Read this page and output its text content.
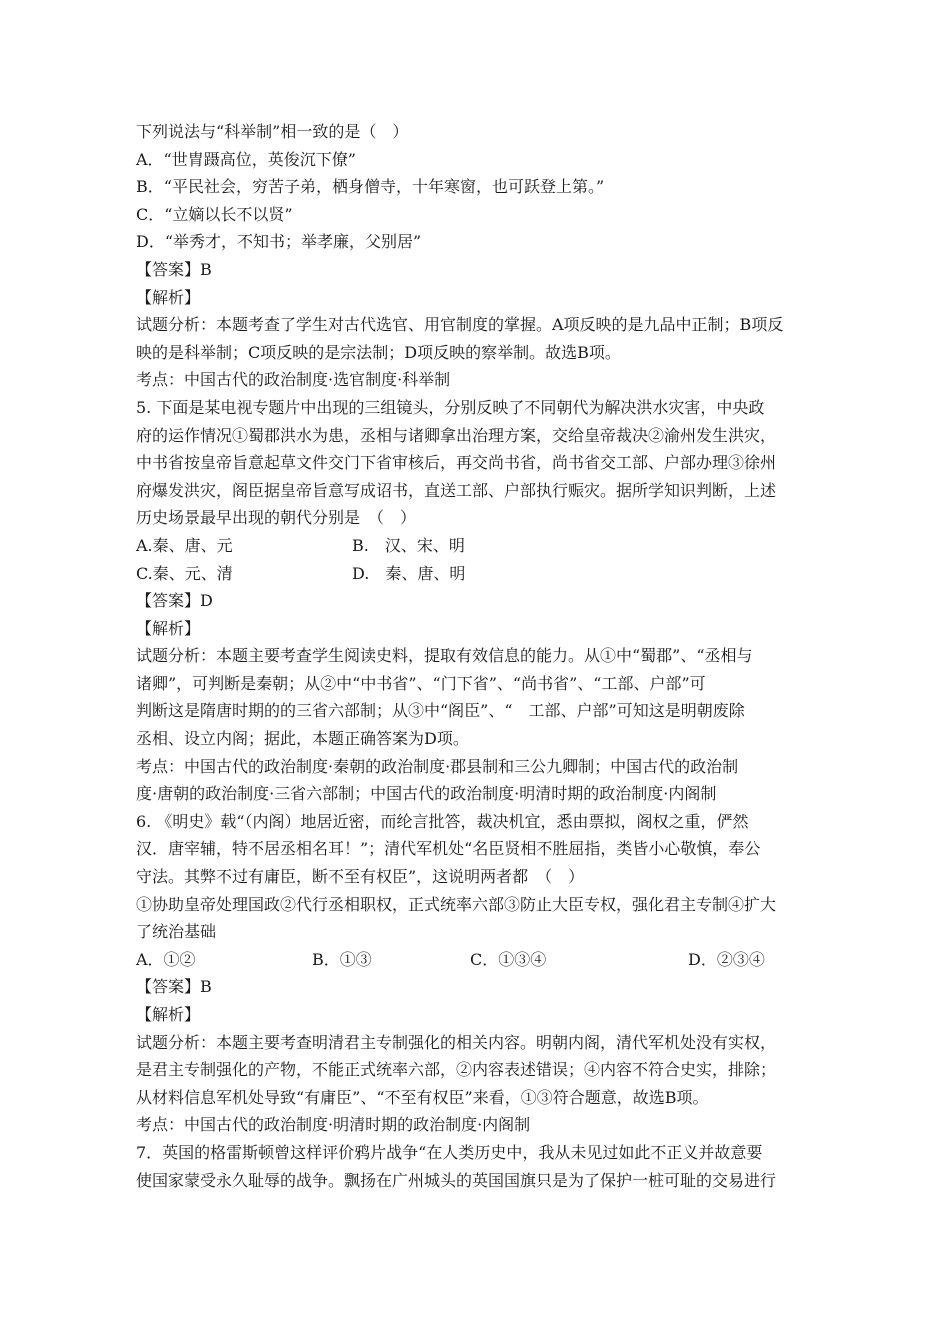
下列说法与“科举制”相一致的是（　）
A．“世胄蹑高位，英俊沉下僚”
B．“平民社会，穷苦子弟，栖身僧寺，十年寒窗，也可跃登上第。”
C．“立嫡以长不以贤”
D．“举秀才，不知书；举孝廉，父别居”
【答案】B
【解析】
试题分析：本题考查了学生对古代选官、用官制度的掌握。A项反映的是九品中正制；B项反
映的是科举制；C项反映的是宗法制；D项反映的察举制。故选B项。
考点：中国古代的政治制度·选官制度·科举制
5. 下面是某电视专题片中出现的三组镜头，分别反映了不同朝代为解决洪水灾害，中央政
府的运作情况①蜀郡洪水为患，丞相与诸卿拿出治理方案，交给皇帝裁决②渝州发生洪灾，
中书省按皇帝旨意起草文件交门下省审核后，再交尚书省，尚书省交工部、户部办理③徐州
府爆发洪灾，阁臣据皇帝旨意写成诏书，直送工部、户部执行赈灾。据所学知识判断，上述
历史场景最早出现的朝代分别是　（　）
A.秦、唐、元	B.　汉、宋、明
C.秦、元、清	D.　秦、唐、明
【答案】D
【解析】
试题分析：本题主要考查学生阅读史料，提取有效信息的能力。从①中“蜀郡”、“丞相与
诸卿”，可判断是秦朝；从②中“中书省”、“门下省”、“尚书省”、“工部、户部”可
判断这是隋唐时期的的三省六部制；从③中“阁臣”、“　工部、户部”可知这是明朝废除
丞相、设立内阁；据此，本题正确答案为D项。
考点：中国古代的政治制度·秦朝的政治制度·郡县制和三公九卿制；中国古代的政治制
度·唐朝的政治制度·三省六部制；中国古代的政治制度·明清时期的政治制度·内阁制
6. 《明史》载“（内阁）地居近密，而纶言批答，裁决机宜，悉由票拟，阁权之重，俨然
汉．唐宰辅，特不居丞相名耳！”；清代军机处“名臣贤相不胜屈指，类皆小心敬慎，奉公
守法。其弊不过有庸臣，断不至有权臣”，这说明两者都　（　）
①协助皇帝处理国政②代行丞相职权，正式统率六部③防止大臣专权，强化君主专制④扩大
了统治基础
A．①②	B．①③	C．①③④	D．②③④
【答案】B
【解析】
试题分析：本题主要考查明清君主专制强化的相关内容。明朝内阁，清代军机处没有实权，
是君主专制强化的产物，不能正式统率六部，②内容表述错误；④内容不符合史实，排除；
从材料信息军机处导致“有庸臣”、“不至有权臣”来看，①③符合题意，故选B项。
考点：中国古代的政治制度·明清时期的政治制度·内阁制
7．英国的格雷斯顿曾这样评价鸦片战争“在人类历史中，我从未见过如此不正义并故意要
使国家蒙受永久耻辱的战争。飘扬在广州城头的英国国旗只是为了保护一桩可耻的交易进行
